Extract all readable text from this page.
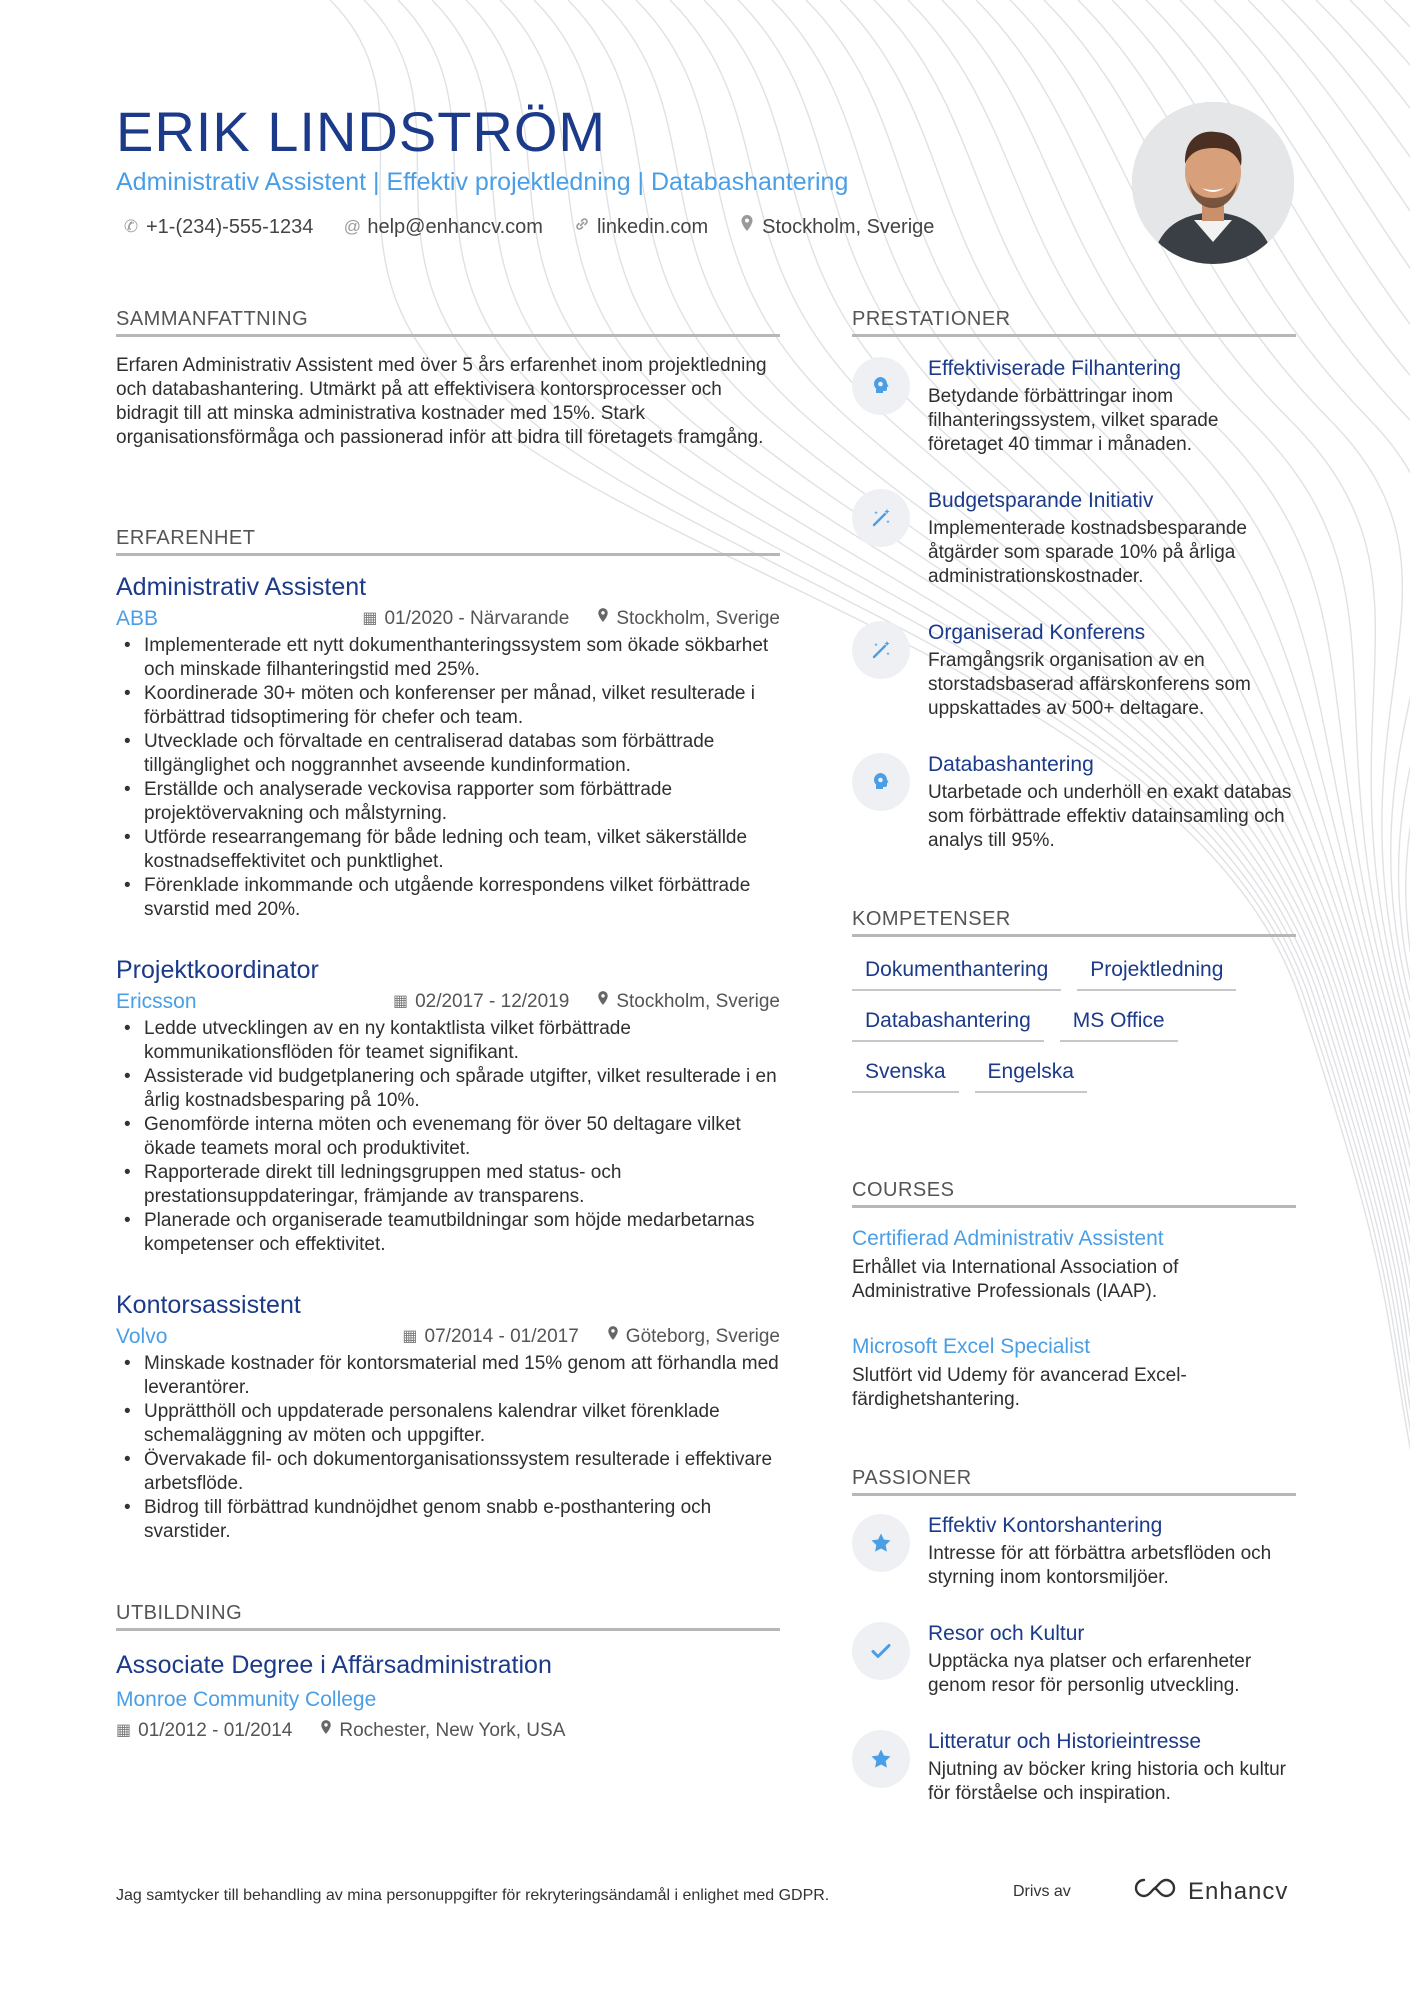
ERIK LINDSTRÖM
Administrativ Assistent | Effektiv projektledning | Databashantering
✆ +1-(234)-555-1234 @ help@enhancv.com	linkedin.com	Stockholm, Sverige
SAMMANFATTNING

Erfaren Administrativ Assistent med över 5 års erfarenhet inom projektledning och databashantering. Utmärkt på att effektivisera kontorsprocesser och bidragit till att minska administrativa kostnader med 15%. Stark organisationsförmåga och passionerad inför att bidra till företagets framgång.

ERFARENHET
Administrativ Assistent
ABB	▦ 01/2020 - Närvarande Stockholm, Sverige
• Implementerade ett nytt dokumenthanteringssystem som ökade sökbarhet och minskade filhanteringstid med 25%.
• Koordinerade 30+ möten och konferenser per månad, vilket resulterade i förbättrad tidsoptimering för chefer och team.
• Utvecklade och förvaltade en centraliserad databas som förbättrade tillgänglighet och noggrannhet avseende kundinformation.
• Erställde och analyserade veckovisa rapporter som förbättrade projektövervakning och målstyrning.
• Utförde researrangemang för både ledning och team, vilket säkerställde kostnadseffektivitet och punktlighet.
• Förenklade inkommande och utgående korrespondens vilket förbättrade svarstid med 20%.
Projektkoordinator
Ericsson	▦ 02/2017 - 12/2019 Stockholm, Sverige
• Ledde utvecklingen av en ny kontaktlista vilket förbättrade kommunikationsflöden för teamet signifikant.
• Assisterade vid budgetplanering och spårade utgifter, vilket resulterade i en årlig kostnadsbesparing på 10%.
• Genomförde interna möten och evenemang för över 50 deltagare vilket ökade teamets moral och produktivitet.
• Rapporterade direkt till ledningsgruppen med status- och prestationsuppdateringar, främjande av transparens.
• Planerade och organiserade teamutbildningar som höjde medarbetarnas kompetenser och effektivitet.
Kontorsassistent
Volvo	▦ 07/2014 - 01/2017 Göteborg, Sverige
• Minskade kostnader för kontorsmaterial med 15% genom att förhandla med leverantörer.
• Upprätthöll och uppdaterade personalens kalendrar vilket förenklade schemaläggning av möten och uppgifter.
• Övervakade fil- och dokumentorganisationssystem resulterade i effektivare arbetsflöde.
• Bidrog till förbättrad kundnöjdhet genom snabb e-posthantering och svarstider.
UTBILDNING
Associate Degree i Affärsadministration
Monroe Community College
▦ 01/2012 - 01/2014 Rochester, New York, USA
PRESTATIONER
Effektiviserade Filhantering
Betydande förbättringar inom filhanteringssystem, vilket sparade företaget 40 timmar i månaden.
Budgetsparande Initiativ
Implementerade kostnadsbesparande åtgärder som sparade 10% på årliga administrationskostnader.
Organiserad Konferens
Framgångsrik organisation av en storstadsbaserad affärskonferens som uppskattades av 500+ deltagare.
Databashantering
Utarbetade och underhöll en exakt databas som förbättrade effektiv datainsamling och analys till 95%.
KOMPETENSER
Dokumenthantering	Projektledning
Databashantering	MS Office
Svenska	Engelska
COURSES
Certifierad Administrativ Assistent
Erhållet via International Association of Administrative Professionals (IAAP).
Microsoft Excel Specialist
Slutfört vid Udemy för avancerad Excel-färdighetshantering.
PASSIONER
Effektiv Kontorshantering
Intresse för att förbättra arbetsflöden och styrning inom kontorsmiljöer.
Resor och Kultur
Upptäcka nya platser och erfarenheter genom resor för personlig utveckling.
Litteratur och Historieintresse
Njutning av böcker kring historia och kultur för förståelse och inspiration.
Jag samtycker till behandling av mina personuppgifter för rekryteringsändamål i enlighet med GDPR.	Drivs av	Enhancv
